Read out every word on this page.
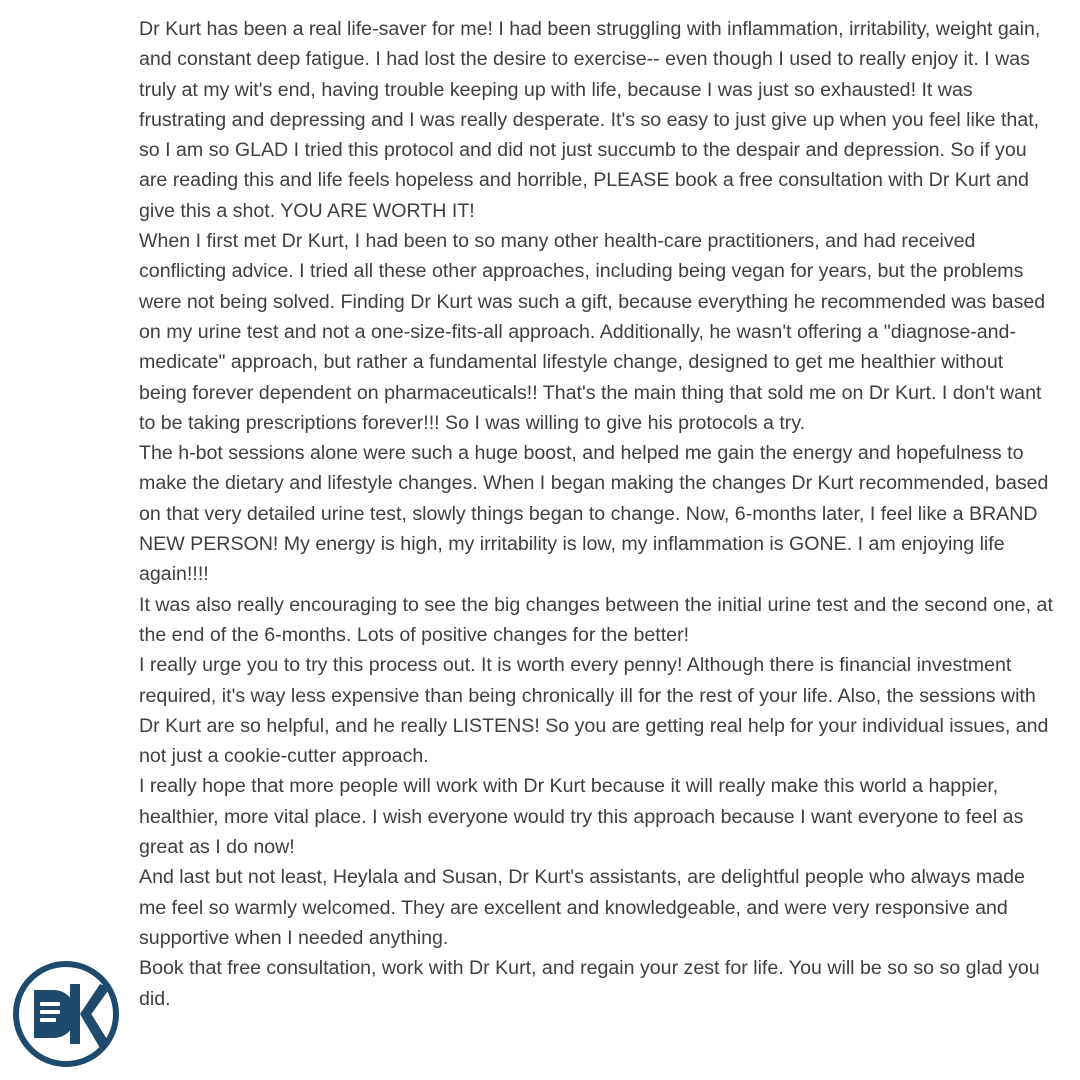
Dr Kurt has been a real life-saver for me! I had been struggling with inflammation, irritability, weight gain, and constant deep fatigue. I had lost the desire to exercise-- even though I used to really enjoy it. I was truly at my wit's end, having trouble keeping up with life, because I was just so exhausted! It was frustrating and depressing and I was really desperate. It's so easy to just give up when you feel like that, so I am so GLAD I tried this protocol and did not just succumb to the despair and depression. So if you are reading this and life feels hopeless and horrible, PLEASE book a free consultation with Dr Kurt and give this a shot. YOU ARE WORTH IT!

When I first met Dr Kurt, I had been to so many other health-care practitioners, and had received conflicting advice. I tried all these other approaches, including being vegan for years, but the problems were not being solved. Finding Dr Kurt was such a gift, because everything he recommended was based on my urine test and not a one-size-fits-all approach. Additionally, he wasn't offering a "diagnose-and-medicate" approach, but rather a fundamental lifestyle change, designed to get me healthier without being forever dependent on pharmaceuticals!! That's the main thing that sold me on Dr Kurt. I don't want to be taking prescriptions forever!!! So I was willing to give his protocols a try.

The h-bot sessions alone were such a huge boost, and helped me gain the energy and hopefulness to make the dietary and lifestyle changes. When I began making the changes Dr Kurt recommended, based on that very detailed urine test, slowly things began to change. Now, 6-months later, I feel like a BRAND NEW PERSON! My energy is high, my irritability is low, my inflammation is GONE. I am enjoying life again!!!!

It was also really encouraging to see the big changes between the initial urine test and the second one, at the end of the 6-months. Lots of positive changes for the better!

I really urge you to try this process out. It is worth every penny! Although there is financial investment required, it's way less expensive than being chronically ill for the rest of your life. Also, the sessions with Dr Kurt are so helpful, and he really LISTENS! So you are getting real help for your individual issues, and not just a cookie-cutter approach.

I really hope that more people will work with Dr Kurt because it will really make this world a happier, healthier, more vital place. I wish everyone would try this approach because I want everyone to feel as great as I do now!

And last but not least, Heylala and Susan, Dr Kurt's assistants, are delightful people who always made me feel so warmly welcomed. They are excellent and knowledgeable, and were very responsive and supportive when I needed anything.

Book that free consultation, work with Dr Kurt, and regain your zest for life. You will be so so so glad you did.
